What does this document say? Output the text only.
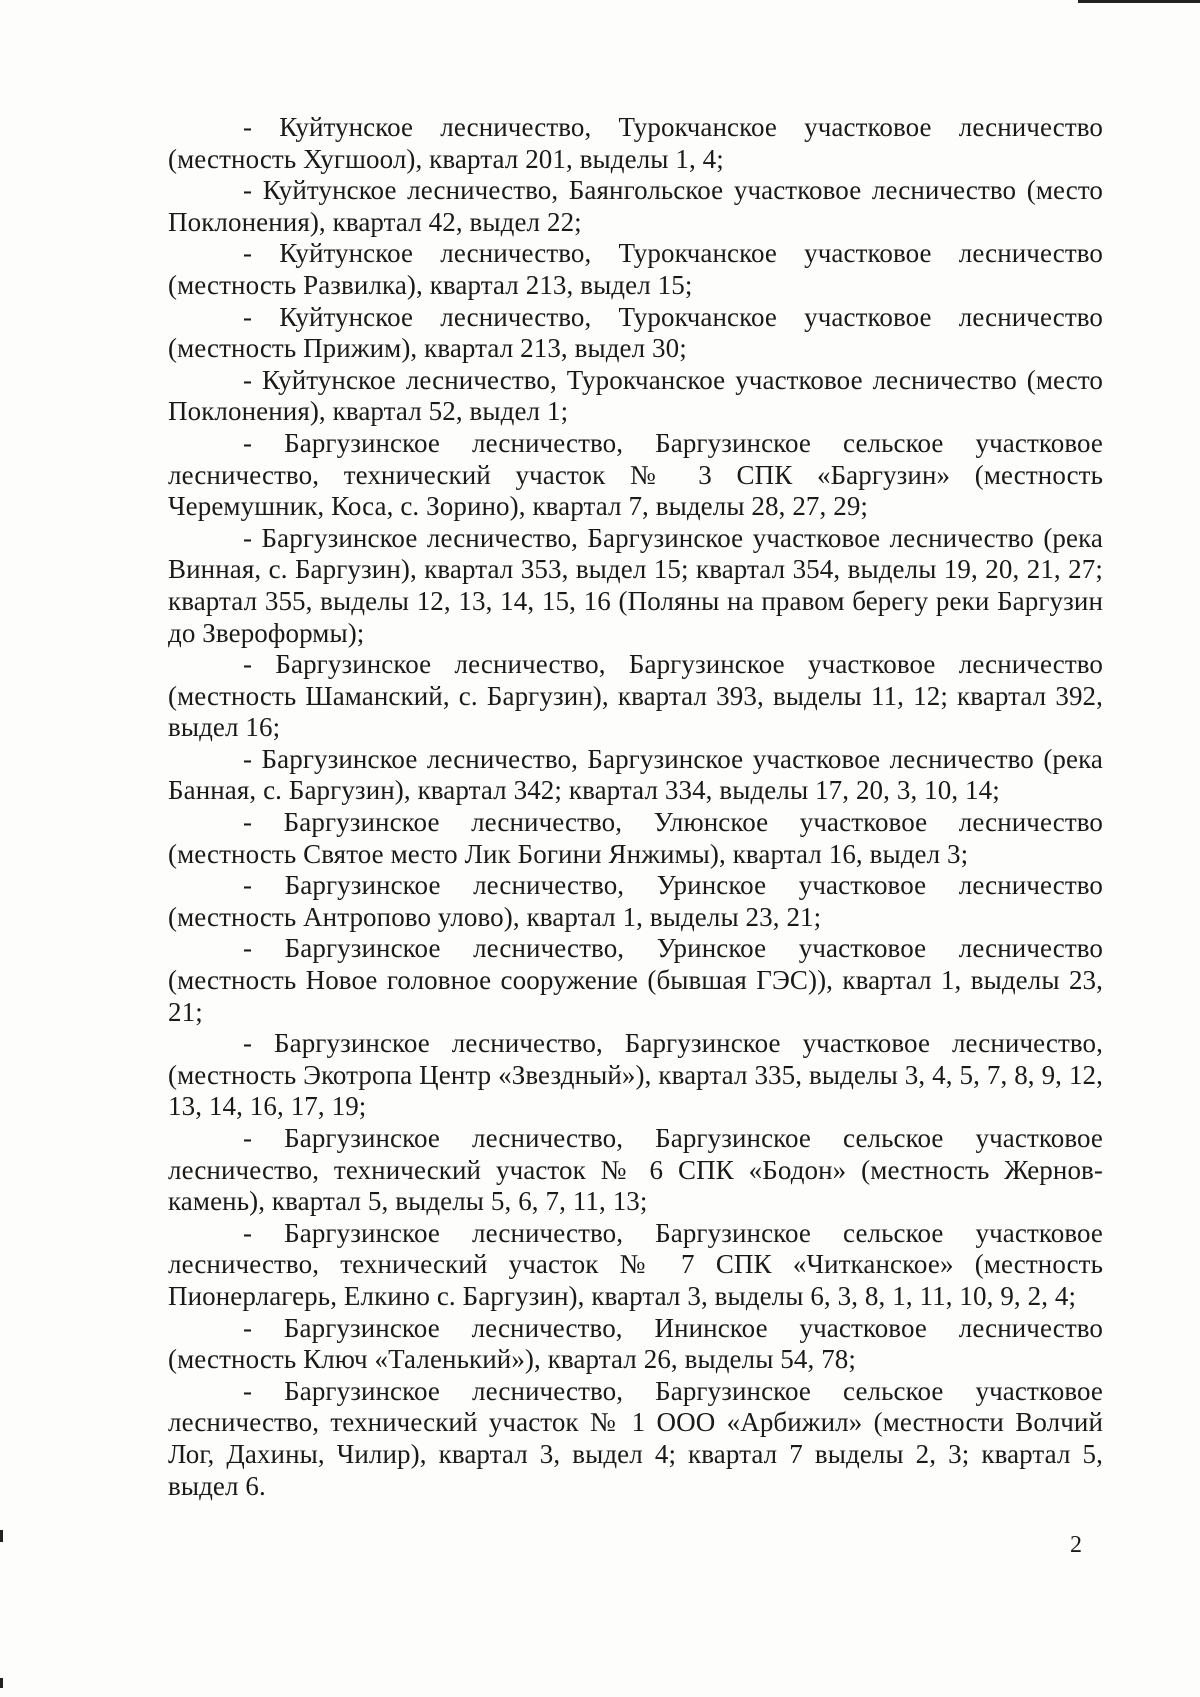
- Куйтунское лесничество, Турокчанское участковое лесничество (местность Хугшоол), квартал 201, выделы 1, 4;

- Куйтунское лесничество, Баянгольское участковое лесничество (место Поклонения), квартал 42, выдел 22;

- Куйтунское лесничество, Турокчанское участковое лесничество (местность Развилка), квартал 213, выдел 15;

- Куйтунское лесничество, Турокчанское участковое лесничество (местность Прижим), квартал 213, выдел 30;

- Куйтунское лесничество, Турокчанское участковое лесничество (место Поклонения), квартал 52, выдел 1;

- Баргузинское лесничество, Баргузинское сельское участковое лесничество, технический участок № 3 СПК «Баргузин» (местность Черемушник, Коса, с. Зорино), квартал 7, выделы 28, 27, 29;

- Баргузинское лесничество, Баргузинское участковое лесничество (река Винная, с. Баргузин), квартал 353, выдел 15; квартал 354, выделы 19, 20, 21, 27; квартал 355, выделы 12, 13, 14, 15, 16 (Поляны на правом берегу реки Баргузин до Звероформы);

- Баргузинское лесничество, Баргузинское участковое лесничество (местность Шаманский, с. Баргузин), квартал 393, выделы 11, 12; квартал 392, выдел 16;

- Баргузинское лесничество, Баргузинское участковое лесничество (река Банная, с. Баргузин), квартал 342; квартал 334, выделы 17, 20, 3, 10, 14;

- Баргузинское лесничество, Улюнское участковое лесничество (местность Святое место Лик Богини Янжимы), квартал 16, выдел 3;

- Баргузинское лесничество, Уринское участковое лесничество (местность Антропово улово), квартал 1, выделы 23, 21;

- Баргузинское лесничество, Уринское участковое лесничество (местность Новое головное сооружение (бывшая ГЭС)), квартал 1, выделы 23, 21;

- Баргузинское лесничество, Баргузинское участковое лесничество, (местность Экотропа Центр «Звездный»), квартал 335, выделы 3, 4, 5, 7, 8, 9, 12, 13, 14, 16, 17, 19;

- Баргузинское лесничество, Баргузинское сельское участковое лесничество, технический участок № 6 СПК «Бодон» (местность Жернов-камень), квартал 5, выделы 5, 6, 7, 11, 13;

- Баргузинское лесничество, Баргузинское сельское участковое лесничество, технический участок № 7 СПК «Читканское» (местность Пионерлагерь, Елкино с. Баргузин), квартал 3, выделы 6, 3, 8, 1, 11, 10, 9, 2, 4;

- Баргузинское лесничество, Ининское участковое лесничество (местность Ключ «Таленький»), квартал 26, выделы 54, 78;

- Баргузинское лесничество, Баргузинское сельское участковое лесничество, технический участок № 1 ООО «Арбижил» (местности Волчий Лог, Дахины, Чилир), квартал 3, выдел 4; квартал 7 выделы 2, 3; квартал 5, выдел 6.

2
